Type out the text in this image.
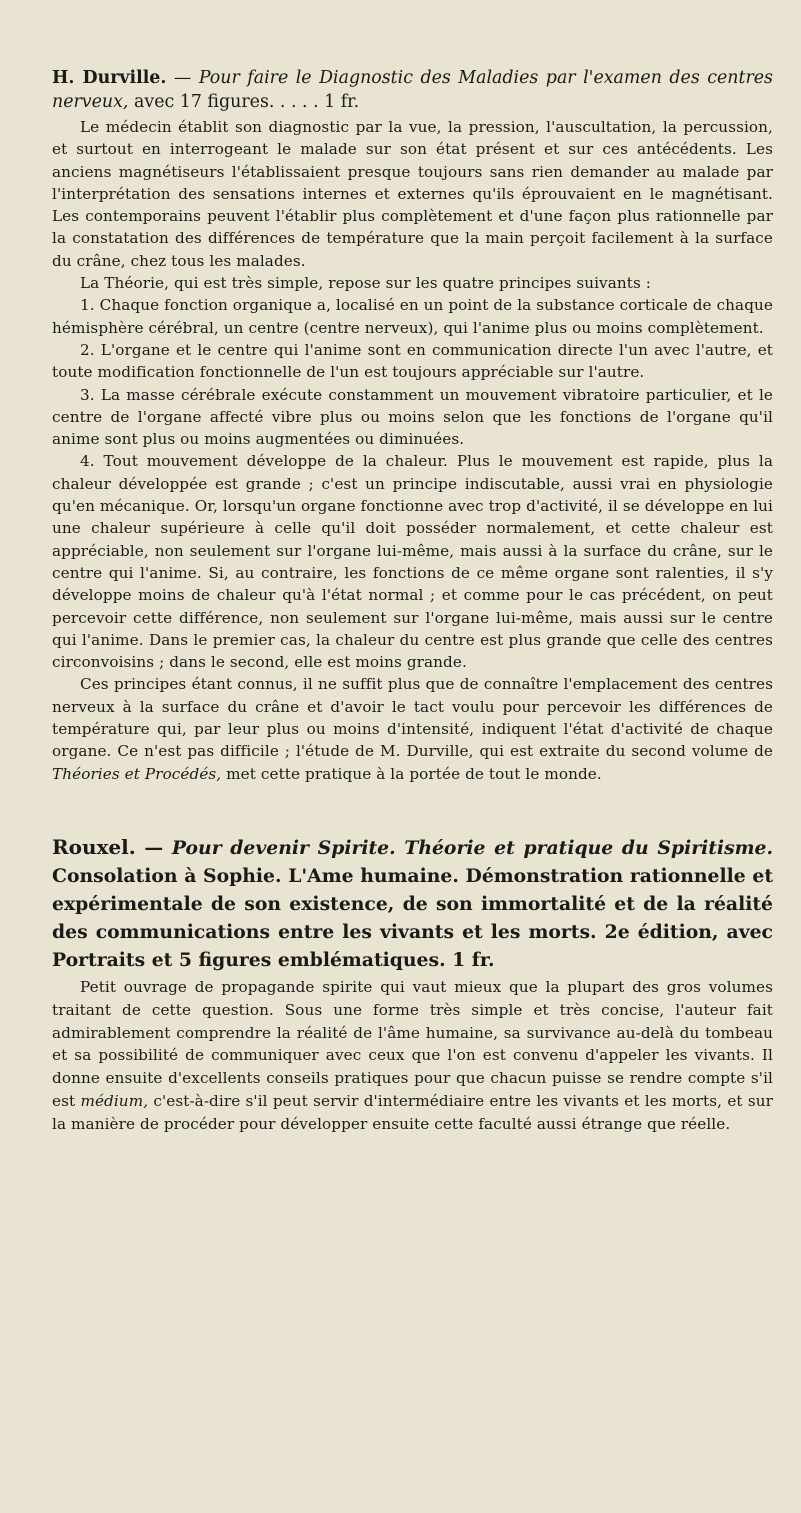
H. Durville. — Pour faire le Diagnostic des Maladies par l'examen des centres nerveux, avec 17 figures. . . . . 1 fr.

Le médecin établit son diagnostic par la vue, la pression, l'auscultation, la percussion, et surtout en interrogeant le malade sur son état présent et sur ces antécédents. Les anciens magnétiseurs l'établissaient presque toujours sans rien demander au malade par l'interprétation des sensations internes et externes qu'ils éprouvaient en le magnétisant. Les contemporains peuvent l'établir plus complètement et d'une façon plus rationnelle par la constatation des différences de température que la main perçoit facilement à la surface du crâne, chez tous les malades.

La Théorie, qui est très simple, repose sur les quatre principes suivants :

1. Chaque fonction organique a, localisé en un point de la substance corticale de chaque hémisphère cérébral, un centre (centre nerveux), qui l'anime plus ou moins complètement.

2. L'organe et le centre qui l'anime sont en communication directe l'un avec l'autre, et toute modification fonctionnelle de l'un est toujours appréciable sur l'autre.

3. La masse cérébrale exécute constamment un mouvement vibratoire particulier, et le centre de l'organe affecté vibre plus ou moins selon que les fonctions de l'organe qu'il anime sont plus ou moins augmentées ou diminuées.

4. Tout mouvement développe de la chaleur. Plus le mouvement est rapide, plus la chaleur développée est grande ; c'est un principe indiscutable, aussi vrai en physiologie qu'en mécanique. Or, lorsqu'un organe fonctionne avec trop d'activité, il se développe en lui une chaleur supérieure à celle qu'il doit posséder normalement, et cette chaleur est appréciable, non seulement sur l'organe lui-même, mais aussi à la surface du crâne, sur le centre qui l'anime. Si, au contraire, les fonctions de ce même organe sont ralenties, il s'y développe moins de chaleur qu'à l'état normal ; et comme pour le cas précédent, on peut percevoir cette différence, non seulement sur l'organe lui-même, mais aussi sur le centre qui l'anime. Dans le premier cas, la chaleur du centre est plus grande que celle des centres circonvoisins ; dans le second, elle est moins grande.

Ces principes étant connus, il ne suffit plus que de connaître l'emplacement des centres nerveux à la surface du crâne et d'avoir le tact voulu pour percevoir les différences de température qui, par leur plus ou moins d'intensité, indiquent l'état d'activité de chaque organe. Ce n'est pas difficile ; l'étude de M. Durville, qui est extraite du second volume de Théories et Procédés, met cette pratique à la portée de tout le monde.

Rouxel. — Pour devenir Spirite. Théorie et pratique du Spiritisme. Consolation à Sophie. L'Ame humaine. Démonstration rationnelle et expérimentale de son existence, de son immortalité et de la réalité des communications entre les vivants et les morts. 2e édition, avec Portraits et 5 figures emblématiques. 1 fr.

Petit ouvrage de propagande spirite qui vaut mieux que la plupart des gros volumes traitant de cette question. Sous une forme très simple et très concise, l'auteur fait admirablement comprendre la réalité de l'âme humaine, sa survivance au-delà du tombeau et sa possibilité de communiquer avec ceux que l'on est convenu d'appeler les vivants. Il donne ensuite d'excellents conseils pratiques pour que chacun puisse se rendre compte s'il est médium, c'est-à-dire s'il peut servir d'intermédiaire entre les vivants et les morts, et sur la manière de procéder pour développer ensuite cette faculté aussi étrange que réelle.
